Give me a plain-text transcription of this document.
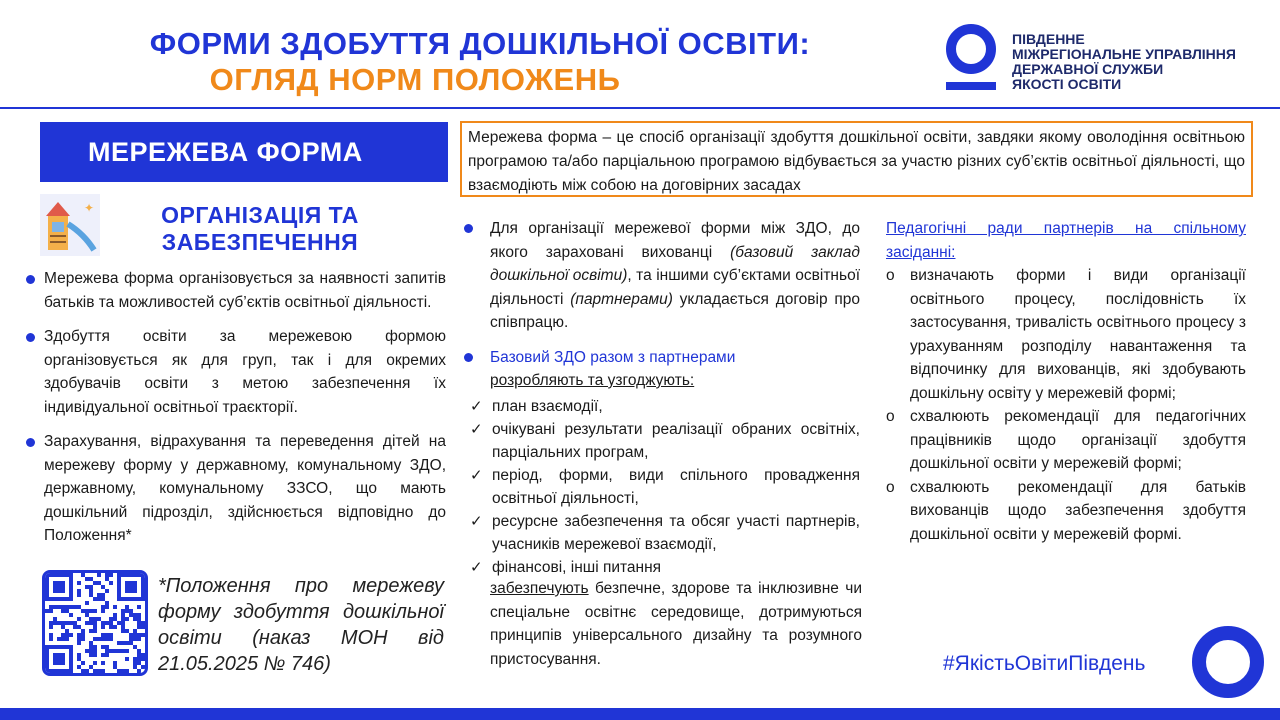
ФОРМИ ЗДОБУТТЯ ДОШКІЛЬНОЇ ОСВІТИ:
ОГЛЯД НОРМ ПОЛОЖЕНЬ
ПІВДЕННЕ
МІЖРЕГІОНАЛЬНЕ УПРАВЛІННЯ
ДЕРЖАВНОЇ СЛУЖБИ
ЯКОСТІ ОСВІТИ
МЕРЕЖЕВА ФОРМА	Мережева форма – це спосіб організації здобуття дошкільної освіти, завдяки якому оволодіння освітньою програмою та/або парціальною програмою відбувається за участю різних суб’єктів освітньої діяльності, що взаємодіють між собою на договірних засадах
✦	ОРГАНІЗАЦІЯ ТА
ЗАБЕЗПЕЧЕННЯ
Мережева форма організовується за наявності запитів батьків та можливостей суб’єктів освітньої діяльності.
Здобуття освіти за мережевою формою організовується як для груп, так і для окремих здобувачів освіти з метою забезпечення їх індивідуальної освітньої траєкторії.
Зарахування, відрахування та переведення дітей на мережеву форму у державному, комунальному ЗДО, державному, комунальному ЗЗСО, що мають дошкільний підрозділ, здійснюється відповідно до Положення*
*Положення про мережеву форму здобуття дошкільної освіти (наказ МОН від 21.05.2025 № 746)
Для організації мережевої форми між ЗДО, до якого зараховані вихованці (базовий заклад дошкільної освіти), та іншими суб’єктами освітньої діяльності (партнерами) укладається договір про співпрацю.
Базовий ЗДО разом з партнерами
розробляють та узгоджують:
✓ план взаємодії,
✓ очікувані результати реалізації обраних освітніх, парціальних програм,
✓ період, форми, види спільного провадження освітньої діяльності,
✓ ресурсне забезпечення та обсяг участі партнерів, учасників мережевої взаємодії,
✓ фінансові, інші питання
забезпечують безпечне, здорове та інклюзивне чи спеціальне освітнє середовище, дотримуються принципів універсального дизайну та розумного пристосування.
Педагогічні ради партнерів на спільному засіданні:
o визначають форми і види організації освітнього процесу, послідовність їх застосування, тривалість освітнього процесу з урахуванням розподілу навантаження та відпочинку для вихованців, які здобувають дошкільну освіту у мережевій формі;
o схвалюють рекомендації для педагогічних працівників щодо організації здобуття дошкільної освіти у мережевій формі;
o схвалюють рекомендації для батьків вихованців щодо забезпечення здобуття дошкільної освіти у мережевій формі.
#ЯкістьОвітиПівдень
